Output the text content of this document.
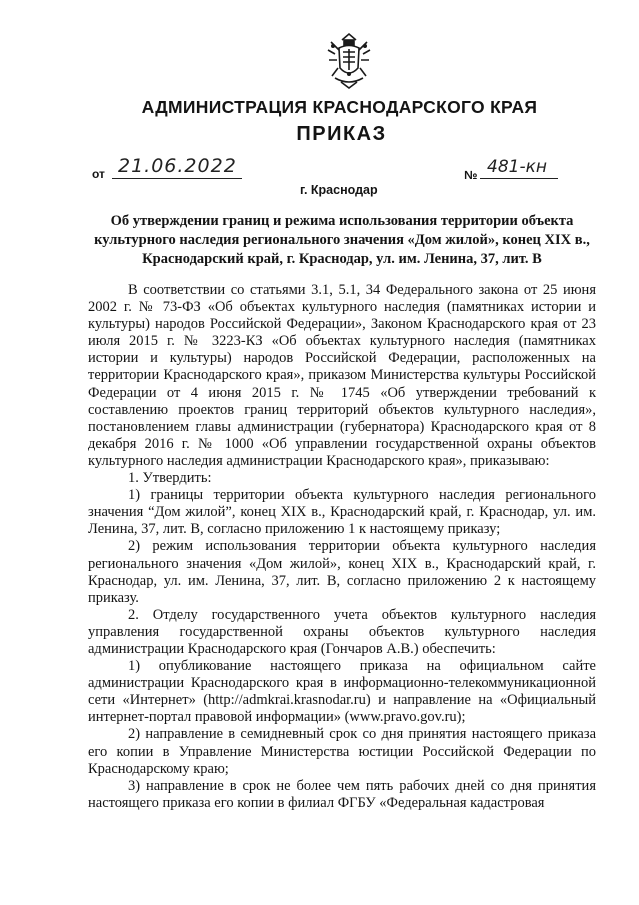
АДМИНИСТРАЦИЯ КРАСНОДАРСКОГО КРАЯ
ПРИКАЗ
от 21.06.2022	№ 481-кн
г. Краснодар
Об утверждении границ и режима использования территории объекта культурного наследия регионального значения «Дом жилой», конец XIX в., Краснодарский край, г. Краснодар, ул. им. Ленина, 37, лит. В

В соответствии со статьями 3.1, 5.1, 34 Федерального закона от 25 июня 2002 г. № 73-ФЗ «Об объектах культурного наследия (памятниках истории и культуры) народов Российской Федерации», Законом Краснодарского края от 23 июля 2015 г. № 3223-КЗ «Об объектах культурного наследия (памятниках истории и культуры) народов Российской Федерации, расположенных на территории Краснодарского края», приказом Министерства культуры Российской Федерации от 4 июня 2015 г. № 1745 «Об утверждении требований к составлению проектов границ территорий объектов культурного наследия», постановлением главы администрации (губернатора) Краснодарского края от 8 декабря 2016 г. № 1000 «Об управлении государственной охраны объектов культурного наследия администрации Краснодарского края», приказываю:

1. Утвердить:

1) границы территории объекта культурного наследия регионального значения “Дом жилой”, конец XIX в., Краснодарский край, г. Краснодар, ул. им. Ленина, 37, лит. В, согласно приложению 1 к настоящему приказу;

2) режим использования территории объекта культурного наследия регионального значения «Дом жилой», конец XIX в., Краснодарский край, г. Краснодар, ул. им. Ленина, 37, лит. В, согласно приложению 2 к настоящему приказу.

2. Отделу государственного учета объектов культурного наследия управления государственной охраны объектов культурного наследия администрации Краснодарского края (Гончаров А.В.) обеспечить:

1) опубликование настоящего приказа на официальном сайте администрации Краснодарского края в информационно-телекоммуникационной сети «Интернет» (http://admkrai.krasnodar.ru) и направление на «Официальный интернет-портал правовой информации» (www.pravo.gov.ru);

2) направление в семидневный срок со дня принятия настоящего приказа его копии в Управление Министерства юстиции Российской Федерации по Краснодарскому краю;

3) направление в срок не более чем пять рабочих дней со дня принятия настоящего приказа его копии в филиал ФГБУ «Федеральная кадастровая
